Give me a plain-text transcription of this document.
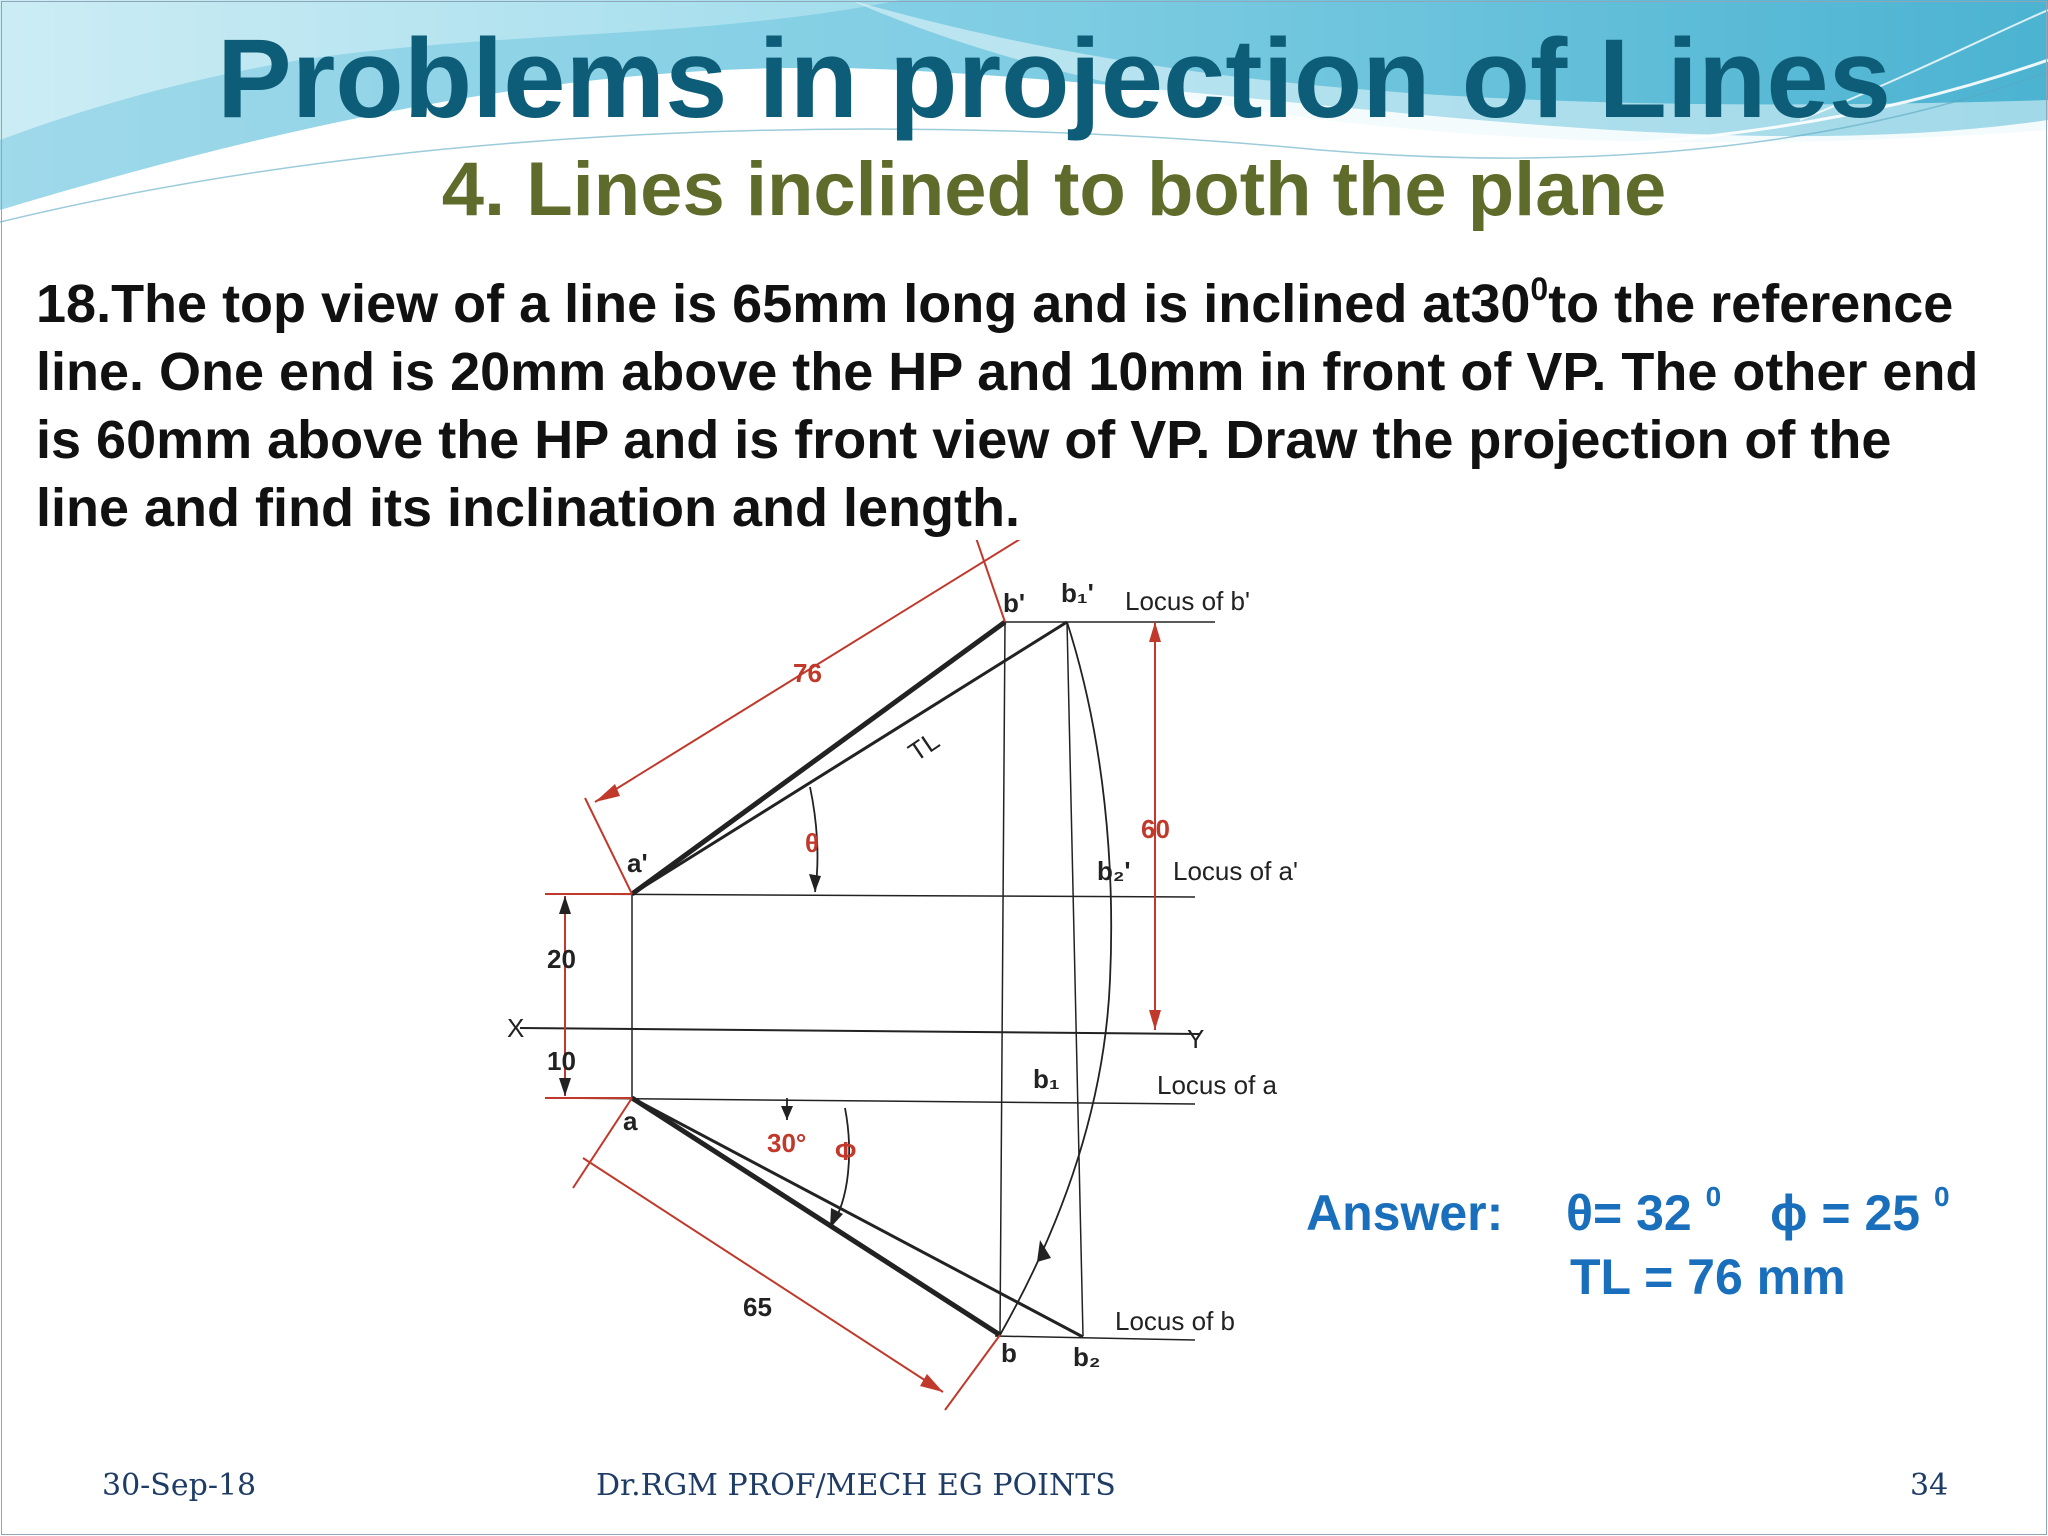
Problems in projection of Lines
4. Lines inclined to both the plane

18.The top view of a line is 65mm long and is inclined $at30^0to$ the reference line. One end is 20mm above the HP and 10mm in front of VP. The other end is 60mm above the HP and is front view of VP. Draw the projection of the line and find its inclination and length.

b' b₁' Locus of b'
76
TL
θ	60
a'	b₂' Locus of a'
20
X	Y
10
b₁	Locus of a
a
30° Φ
65	Locus of b
b b₂
Answer: θ= 32 $^0$ ϕ = 25 $^0$
TL = 76 mm
30-Sep-18	Dr.RGM PROF/MECH EG POINTS	34
